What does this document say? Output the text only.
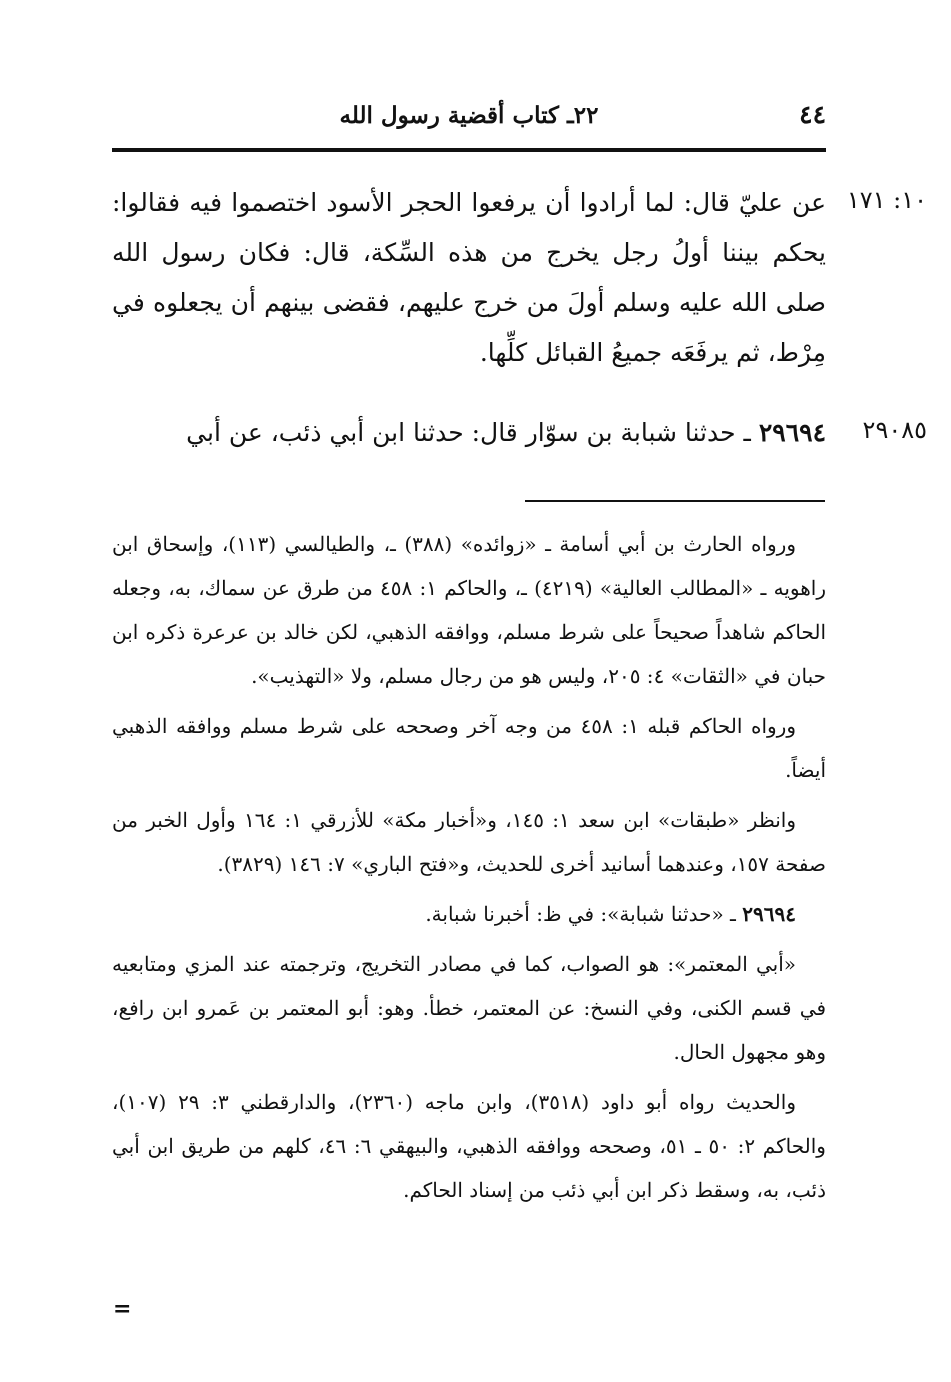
٤٤
٢٢ـ كتاب أقضية رسول الله
١٠: ١٧١
عن عليّ قال: لما أرادوا أن يرفعوا الحجر الأسود اختصموا فيه فقالوا: يحكم بيننا أولُ رجل يخرج من هذه السِّكة، قال: فكان رسول الله صلى الله عليه وسلم أولَ من خرج عليهم، فقضى بينهم أن يجعلوه في مِرْط، ثم يرفَعَه جميعُ القبائل كلِّها.
٢٩٠٨٥
٢٩٦٩٤ـ حدثنا شبابة بن سوّار قال: حدثنا ابن أبي ذئب، عن أبي

ورواه الحارث بن أبي أسامة ـ «زوائده» (٣٨٨) ـ، والطيالسي (١١٣)، وإسحاق ابن راهويه ـ «المطالب العالية» (٤٢١٩) ـ، والحاكم ١: ٤٥٨ من طرق عن سماك، به، وجعله الحاكم شاهداً صحيحاً على شرط مسلم، ووافقه الذهبي، لكن خالد بن عرعرة ذكره ابن حبان في «الثقات» ٤: ٢٠٥، وليس هو من رجال مسلم، ولا «التهذيب».

ورواه الحاكم قبله ١: ٤٥٨ من وجه آخر وصححه على شرط مسلم ووافقه الذهبي أيضاً.

وانظر «طبقات» ابن سعد ١: ١٤٥، و«أخبار مكة» للأزرقي ١: ١٦٤ وأول الخبر من صفحة ١٥٧، وعندهما أسانيد أخرى للحديث، و«فتح الباري» ٧: ١٤٦ (٣٨٢٩).

٢٩٦٩٤ ـ «حدثنا شبابة»: في ظ: أخبرنا شبابة.

«أبي المعتمر»: هو الصواب، كما في مصادر التخريج، وترجمته عند المزي ومتابعيه في قسم الكنى، وفي النسخ: عن المعتمر، خطأ. وهو: أبو المعتمر بن عَمرو ابن رافع، وهو مجهول الحال.

والحديث رواه أبو داود (٣٥١٨)، وابن ماجه (٢٣٦٠)، والدارقطني ٣: ٢٩ (١٠٧)، والحاكم ٢: ٥٠ ـ ٥١، وصححه ووافقه الذهبي، والبيهقي ٦: ٤٦، كلهم من طريق ابن أبي ذئب، به، وسقط ذكر ابن أبي ذئب من إسناد الحاكم.

=
